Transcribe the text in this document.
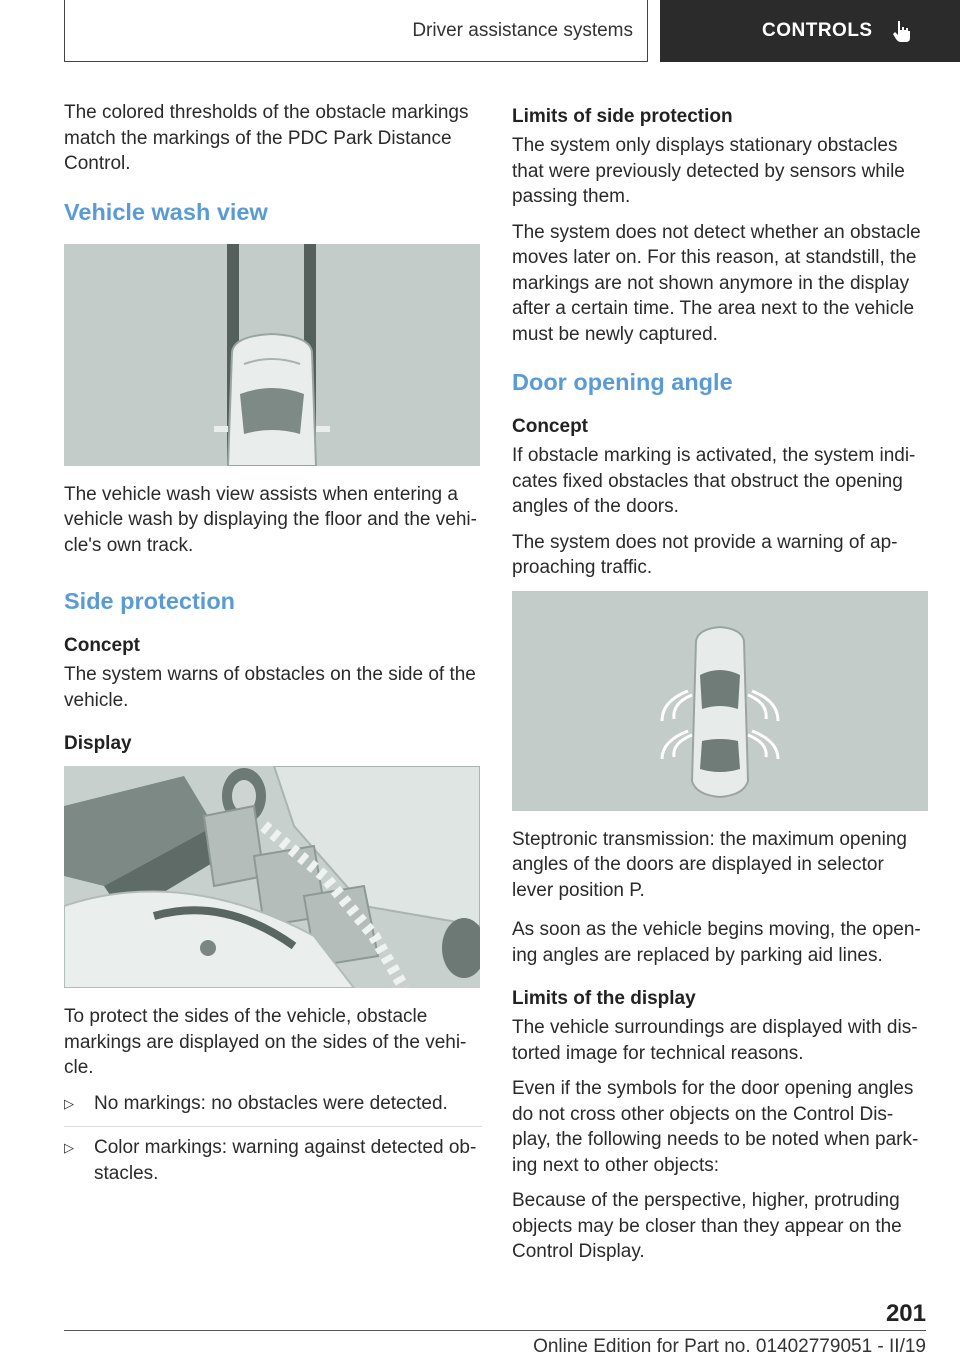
Driver assistance systems	CONTROLS

The colored thresholds of the obstacle markings match the markings of the PDC Park Distance Control.

Vehicle wash view

The vehicle wash view assists when entering a vehicle wash by displaying the floor and the vehi-cle's own track.

Side protection
Concept

The system warns of obstacles on the side of the vehicle.

Display

To protect the sides of the vehicle, obstacle markings are displayed on the sides of the vehi-cle.

▷ No markings: no obstacles were detected.
▷ Color markings: warning against detected ob-stacles.
Limits of side protection

The system only displays stationary obstacles that were previously detected by sensors while passing them.

The system does not detect whether an obstacle moves later on. For this reason, at standstill, the markings are not shown anymore in the display after a certain time. The area next to the vehicle must be newly captured.

Door opening angle
Concept

If obstacle marking is activated, the system indi-cates fixed obstacles that obstruct the opening angles of the doors.

The system does not provide a warning of ap-proaching traffic.

Steptronic transmission: the maximum opening angles of the doors are displayed in selector lever position P.

As soon as the vehicle begins moving, the open-ing angles are replaced by parking aid lines.

Limits of the display

The vehicle surroundings are displayed with dis-torted image for technical reasons.

Even if the symbols for the door opening angles do not cross other objects on the Control Dis-play, the following needs to be noted when park-ing next to other objects:

Because of the perspective, higher, protruding objects may be closer than they appear on the Control Display.

201
Online Edition for Part no. 01402779051 - II/19
